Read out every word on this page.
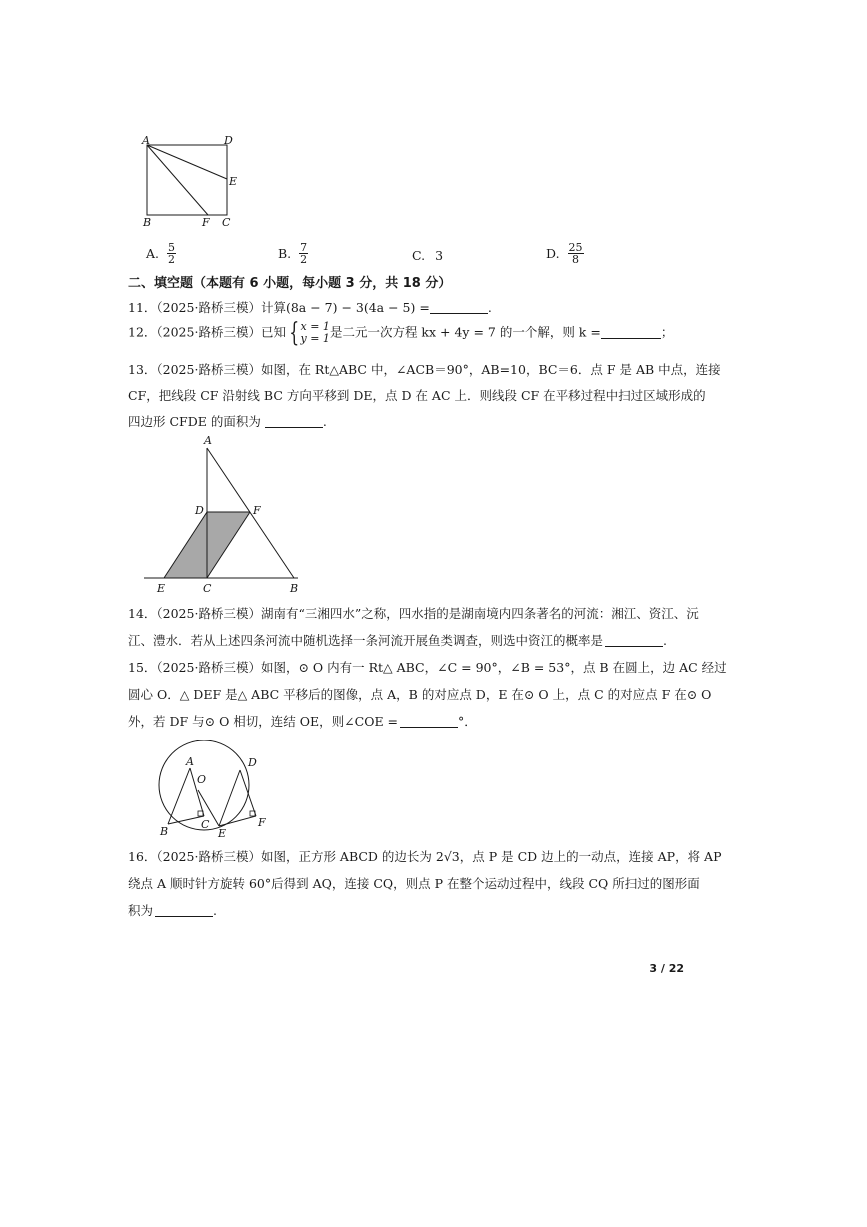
A	D
E
B	F C
A. $\frac{5}{2}$	B. $\frac{7}{2}$	C. 3	D. $\frac{25}{8}$
二、填空题（本题有 6 小题，每小题 3 分，共 18 分）
11．（2025·路桥三模）计算(8a − 7) − 3(4a − 5) =	.
12．（2025·路桥三模）已知 { x = 1
y = 1 是二元一次方程 kx + 4y = 7 的一个解，则 k =	；
13．（2025·路桥三模）如图，在 Rt△ABC 中，∠ACB＝90°，AB=10，BC＝6．点 F 是 AB 中点，连接
CF，把线段 CF 沿射线 BC 方向平移到 DE，点 D 在 AC 上．则线段 CF 在平移过程中扫过区域形成的
四边形 CFDE 的面积为	.
A
D	F
E	C	B
14．（2025·路桥三模）湖南有“三湘四水”之称，四水指的是湖南境内四条著名的河流：湘江、资江、沅
江、澧水．若从上述四条河流中随机选择一条河流开展鱼类调查，则选中资江的概率是	.
15．（2025·路桥三模）如图，⊙ O 内有一 Rt△ ABC，∠C = 90°，∠B = 53°，点 B 在圆上，边 AC 经过
圆心 O．△ DEF 是△ ABC 平移后的图像，点 A，B 的对应点 D，E 在⊙ O 上，点 C 的对应点 F 在⊙ O
外，若 DF 与⊙ O 相切，连结 OE，则∠COE =	°．
A
O
D
B
C
E
F
16．（2025·路桥三模）如图，正方形 ABCD 的边长为 2√3，点 P 是 CD 边上的一动点，连接 AP，将 AP
绕点 A 顺时针方旋转 60°后得到 AQ，连接 CQ，则点 P 在整个运动过程中，线段 CQ 所扫过的图形面
积为	.
3 / 22
